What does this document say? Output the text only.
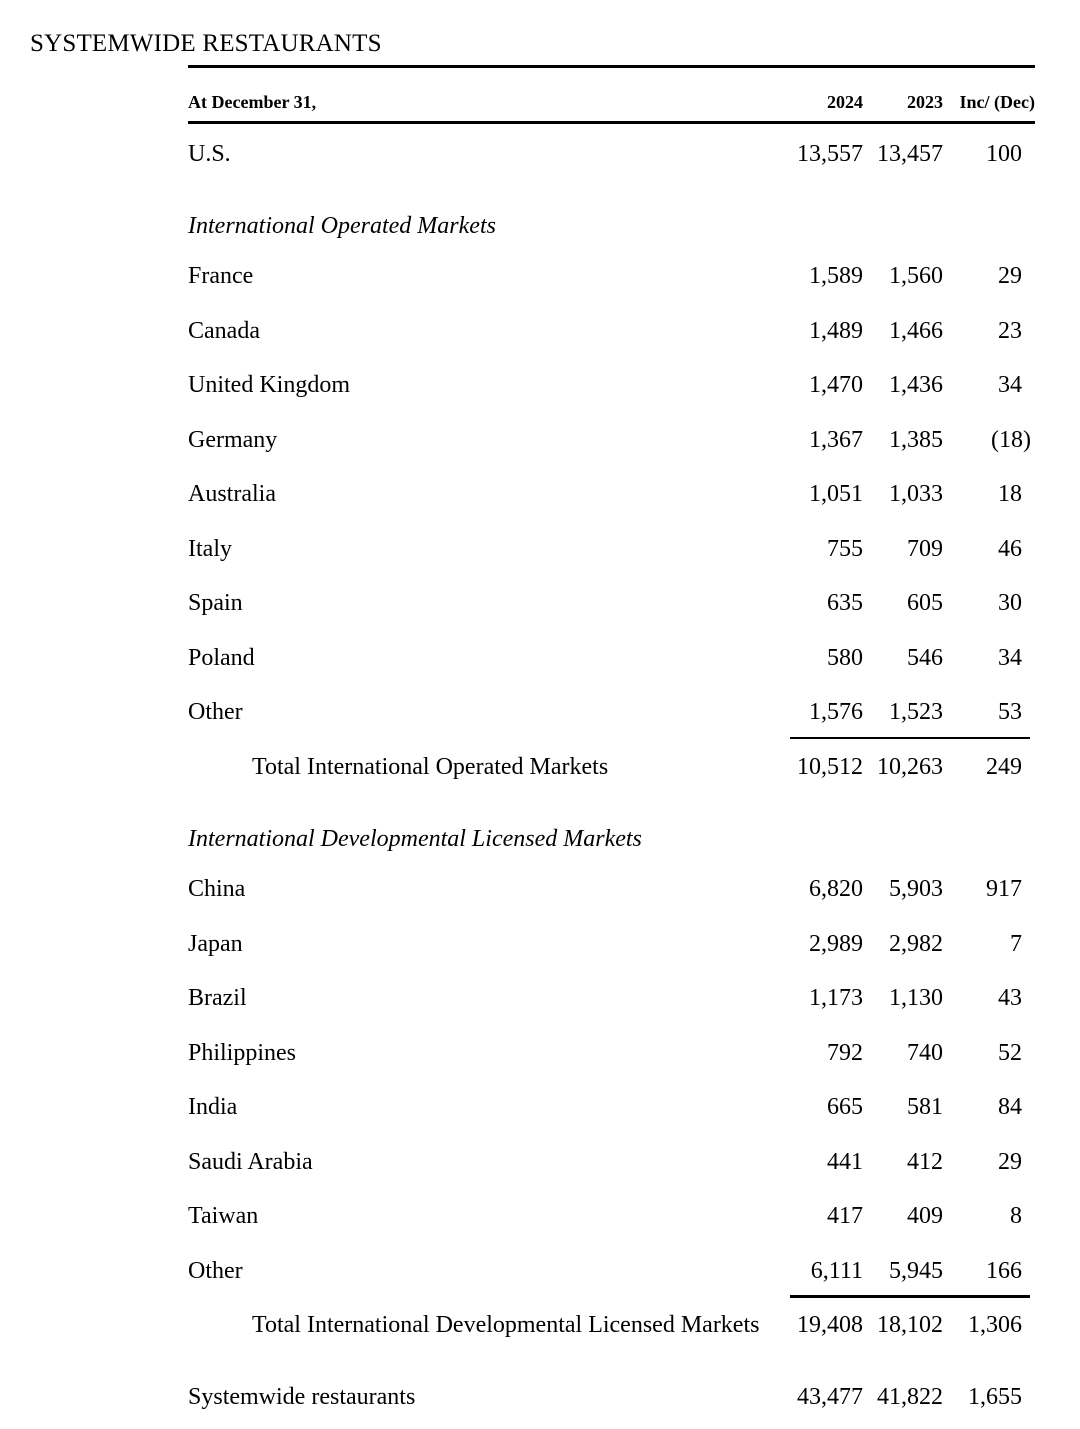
SYSTEMWIDE RESTAURANTS
At December 31,	2024	2023 Inc/ (Dec)
U.S.	13,557 13,457	100
International Operated Markets
France	1,589	1,560	29
Canada	1,489	1,466	23
United Kingdom	1,470	1,436	34
Germany	1,367	1,385	(18)
Australia	1,051	1,033	18
Italy	755	709	46
Spain	635	605	30
Poland	580	546	34
Other	1,576	1,523	53
Total International Operated Markets	10,512 10,263	249
International Developmental Licensed Markets
China	6,820	5,903	917
Japan	2,989	2,982	7
Brazil	1,173	1,130	43
Philippines	792	740	52
India	665	581	84
Saudi Arabia	441	412	29
Taiwan	417	409	8
Other	6,111	5,945	166
Total International Developmental Licensed Markets	19,408 18,102	1,306
Systemwide restaurants	43,477 41,822	1,655
